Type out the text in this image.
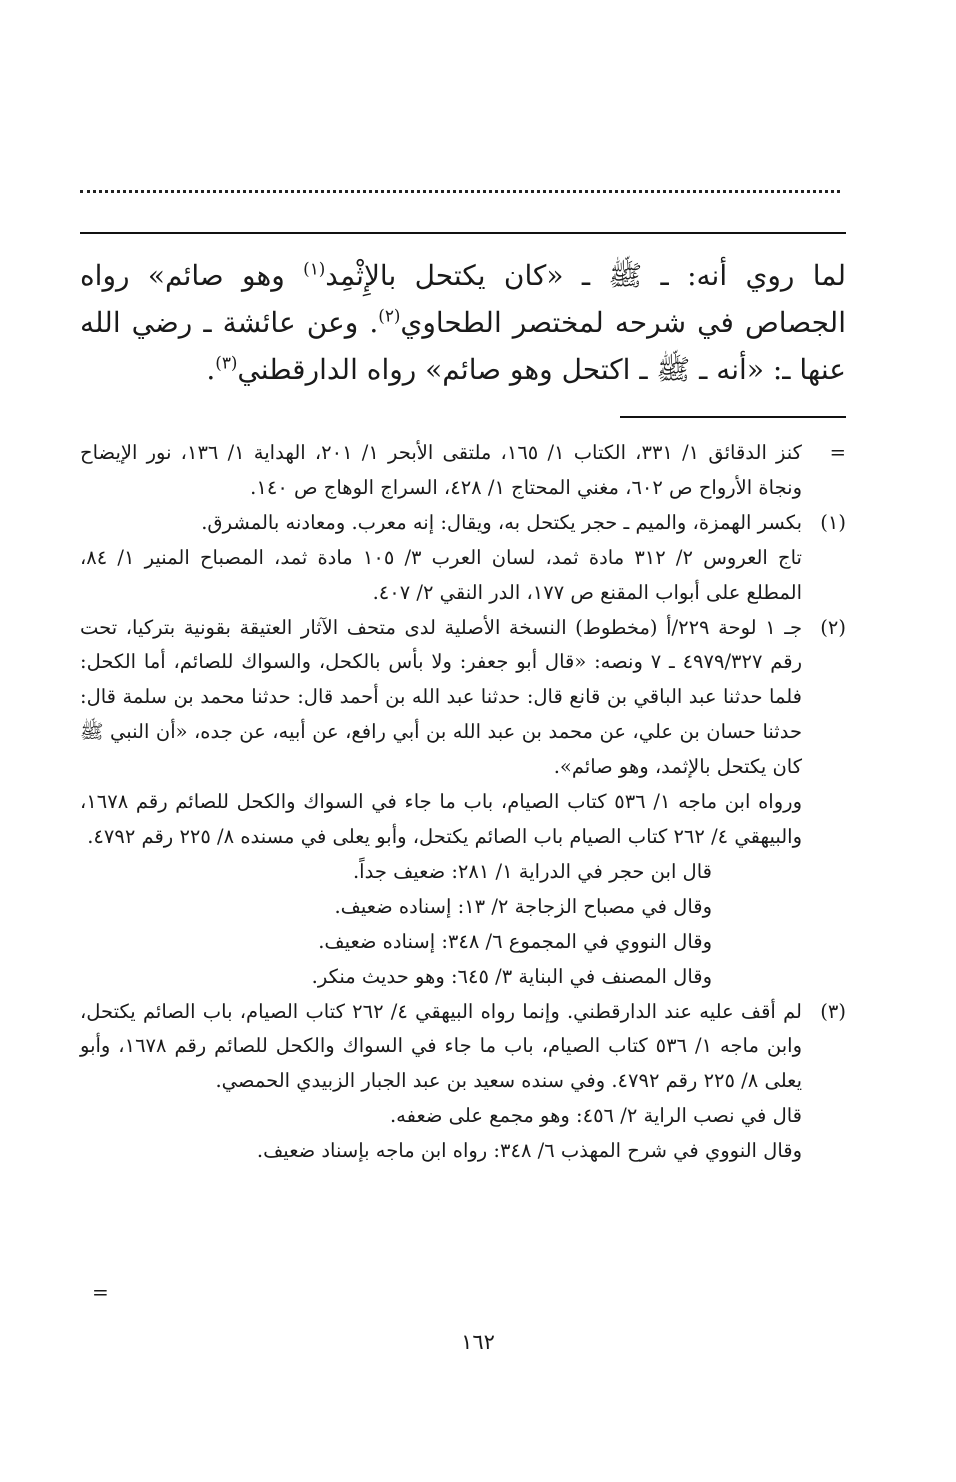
لما روي أنه: ـ ﷺ ـ «كان يكتحل بالإِثْمِد$^{(١)}$ وهو صائم» رواه الجصاص في شرحه لمختصر الطحاوي$^{(٢)}$. وعن عائشة ـ رضي الله عنها ـ: «أنه ـ ﷺ ـ اكتحل وهو صائم» رواه الدارقطني$^{(٣)}$.

=

كنز الدقائق ١/ ٣٣١، الكتاب ١/ ١٦٥، ملتقى الأبحر ١/ ٢٠١، الهداية ١/ ١٣٦، نور الإيضاح ونجاة الأرواح ص ٦٠٢، مغني المحتاج ١/ ٤٢٨، السراج الوهاج ص ١٤٠.

(١)

بكسر الهمزة، والميم ـ حجر يكتحل به، ويقال: إنه معرب. ومعادنه بالمشرق.

تاج العروس ٢/ ٣١٢ مادة ثمد، لسان العرب ٣/ ١٠٥ مادة ثمد، المصباح المنير ١/ ٨٤، المطلع على أبواب المقنع ص ١٧٧، الدر النقي ٢/ ٤٠٧.

(٢)

جـ ١ لوحة ٢٢٩/أ (مخطوط) النسخة الأصلية لدى متحف الآثار العتيقة بقونية بتركيا، تحت رقم ٤٩٧٩/٣٢٧ ـ ٧ ونصه: «قال أبو جعفر: ولا بأس بالكحل، والسواك للصائم، أما الكحل: فلما حدثنا عبد الباقي بن قانع قال: حدثنا عبد الله بن أحمد قال: حدثنا محمد بن سلمة قال: حدثنا حسان بن علي، عن محمد بن عبد الله بن أبي رافع، عن أبيه، عن جده، «أن النبي ﷺ كان يكتحل بالإثمد، وهو صائم».

ورواه ابن ماجه ١/ ٥٣٦ كتاب الصيام، باب ما جاء في السواك والكحل للصائم رقم ١٦٧٨، والبيهقي ٤/ ٢٦٢ كتاب الصيام باب الصائم يكتحل، وأبو يعلى في مسنده ٨/ ٢٢٥ رقم ٤٧٩٢.

قال ابن حجر في الدراية ١/ ٢٨١: ضعيف جداً.

وقال في مصباح الزجاجة ٢/ ١٣: إسناده ضعيف.

وقال النووي في المجموع ٦/ ٣٤٨: إسناده ضعيف.

وقال المصنف في البناية ٣/ ٦٤٥: وهو حديث منكر.

(٣)

لم أقف عليه عند الدارقطني. وإنما رواه البيهقي ٤/ ٢٦٢ كتاب الصيام، باب الصائم يكتحل، وابن ماجه ١/ ٥٣٦ كتاب الصيام، باب ما جاء في السواك والكحل للصائم رقم ١٦٧٨، وأبو يعلى ٨/ ٢٢٥ رقم ٤٧٩٢. وفي سنده سعيد بن عبد الجبار الزبيدي الحمصي.

قال في نصب الراية ٢/ ٤٥٦: وهو مجمع على ضعفه.

وقال النووي في شرح المهذب ٦/ ٣٤٨: رواه ابن ماجه بإسناد ضعيف.

=
١٦٢
